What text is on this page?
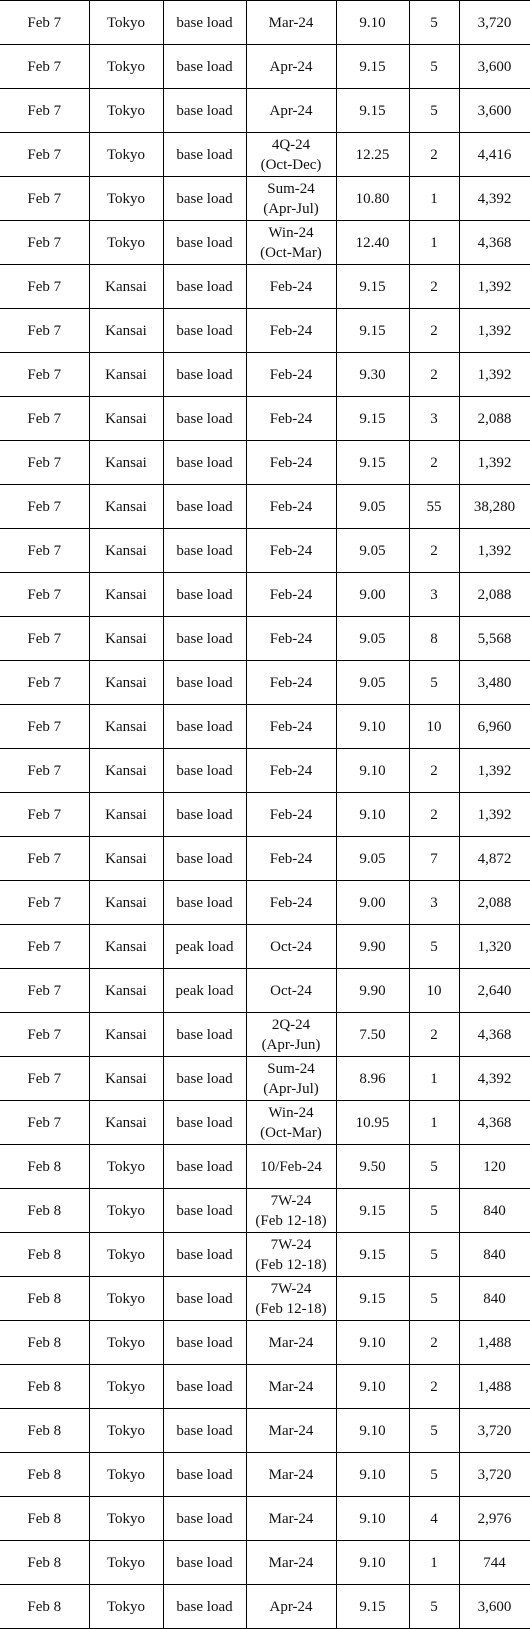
Feb 7	Tokyo	base load	Mar-24	9.10	5	3,720
Feb 7	Tokyo	base load	Apr-24	9.15	5	3,600
Feb 7	Tokyo	base load	Apr-24	9.15	5	3,600
Feb 7	Tokyo	base load	4Q-24
(Oct-Dec)	12.25	2	4,416
Feb 7	Tokyo	base load	Sum-24
(Apr-Jul)	10.80	1	4,392
Feb 7	Tokyo	base load	Win-24
(Oct-Mar)	12.40	1	4,368
Feb 7	Kansai	base load	Feb-24	9.15	2	1,392
Feb 7	Kansai	base load	Feb-24	9.15	2	1,392
Feb 7	Kansai	base load	Feb-24	9.30	2	1,392
Feb 7	Kansai	base load	Feb-24	9.15	3	2,088
Feb 7	Kansai	base load	Feb-24	9.15	2	1,392
Feb 7	Kansai	base load	Feb-24	9.05	55	38,280
Feb 7	Kansai	base load	Feb-24	9.05	2	1,392
Feb 7	Kansai	base load	Feb-24	9.00	3	2,088
Feb 7	Kansai	base load	Feb-24	9.05	8	5,568
Feb 7	Kansai	base load	Feb-24	9.05	5	3,480
Feb 7	Kansai	base load	Feb-24	9.10	10	6,960
Feb 7	Kansai	base load	Feb-24	9.10	2	1,392
Feb 7	Kansai	base load	Feb-24	9.10	2	1,392
Feb 7	Kansai	base load	Feb-24	9.05	7	4,872
Feb 7	Kansai	base load	Feb-24	9.00	3	2,088
Feb 7	Kansai	peak load	Oct-24	9.90	5	1,320
Feb 7	Kansai	peak load	Oct-24	9.90	10	2,640
Feb 7	Kansai	base load	2Q-24
(Apr-Jun)	7.50	2	4,368
Feb 7	Kansai	base load	Sum-24
(Apr-Jul)	8.96	1	4,392
Feb 7	Kansai	base load	Win-24
(Oct-Mar)	10.95	1	4,368
Feb 8	Tokyo	base load	10/Feb-24	9.50	5	120
Feb 8	Tokyo	base load	7W-24
(Feb 12-18)	9.15	5	840
Feb 8	Tokyo	base load	7W-24
(Feb 12-18)	9.15	5	840
Feb 8	Tokyo	base load	7W-24
(Feb 12-18)	9.15	5	840
Feb 8	Tokyo	base load	Mar-24	9.10	2	1,488
Feb 8	Tokyo	base load	Mar-24	9.10	2	1,488
Feb 8	Tokyo	base load	Mar-24	9.10	5	3,720
Feb 8	Tokyo	base load	Mar-24	9.10	5	3,720
Feb 8	Tokyo	base load	Mar-24	9.10	4	2,976
Feb 8	Tokyo	base load	Mar-24	9.10	1	744
Feb 8	Tokyo	base load	Apr-24	9.15	5	3,600
